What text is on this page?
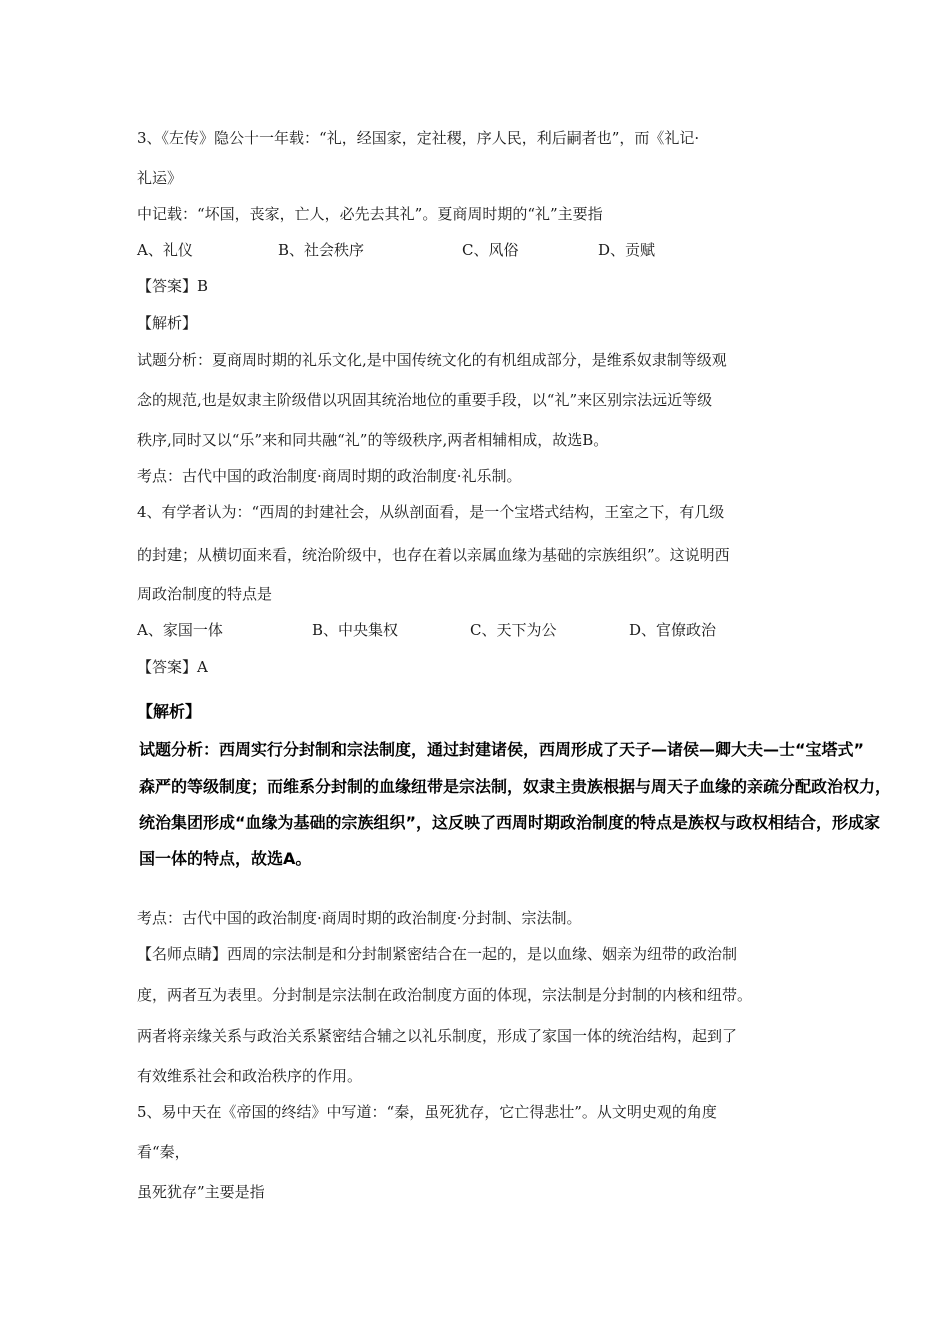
3、《左传》隐公十一年载：“礼，经国家，定社稷，序人民，利后嗣者也”，而《礼记·

礼运》

中记载：“坏国，丧家，亡人，必先去其礼”。夏商周时期的“礼”主要指

A、礼仪	B、社会秩序	C、风俗	D、贡赋

【答案】B

【解析】

试题分析：夏商周时期的礼乐文化,是中国传统文化的有机组成部分，是维系奴隶制等级观

念的规范,也是奴隶主阶级借以巩固其统治地位的重要手段，以“礼”来区别宗法远近等级

秩序,同时又以“乐”来和同共融“礼”的等级秩序,两者相辅相成，故选B。

考点：古代中国的政治制度·商周时期的政治制度·礼乐制。

4、有学者认为：“西周的封建社会，从纵剖面看，是一个宝塔式结构，王室之下，有几级

的封建；从横切面来看，统治阶级中，也存在着以亲属血缘为基础的宗族组织”。这说明西

周政治制度的特点是

A、家国一体	B、中央集权	C、天下为公	D、官僚政治

【答案】A

【解析】

试题分析：西周实行分封制和宗法制度，通过封建诸侯，西周形成了天子—诸侯—卿大夫—士“宝塔式”

森严的等级制度；而维系分封制的血缘纽带是宗法制，奴隶主贵族根据与周天子血缘的亲疏分配政治权力，

统治集团形成“血缘为基础的宗族组织”，这反映了西周时期政治制度的特点是族权与政权相结合，形成家

国一体的特点，故选A。

考点：古代中国的政治制度·商周时期的政治制度·分封制、宗法制。

【名师点睛】西周的宗法制是和分封制紧密结合在一起的，是以血缘、姻亲为纽带的政治制

度，两者互为表里。分封制是宗法制在政治制度方面的体现，宗法制是分封制的内核和纽带。

两者将亲缘关系与政治关系紧密结合辅之以礼乐制度，形成了家国一体的统治结构，起到了

有效维系社会和政治秩序的作用。

5、易中天在《帝国的终结》中写道：“秦，虽死犹存，它亡得悲壮”。从文明史观的角度

看“秦，

虽死犹存”主要是指
